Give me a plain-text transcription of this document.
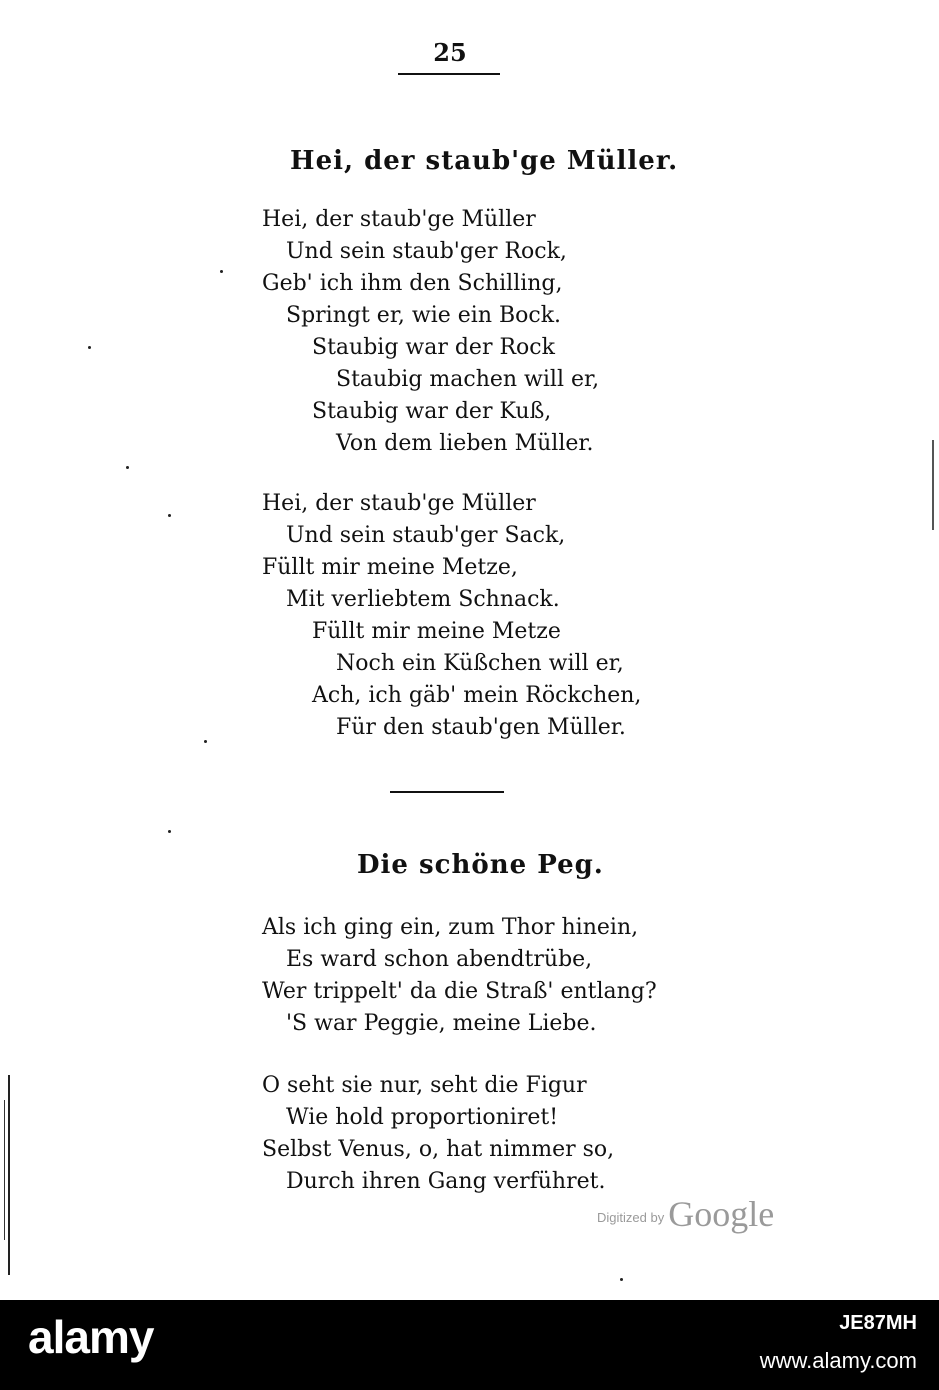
25
Hei, der staub'ge Müller.
Hei, der staub'ge Müller
Und sein staub'ger Rock,
Geb' ich ihm den Schilling,
Springt er, wie ein Bock.
Staubig war der Rock
Staubig machen will er,
Staubig war der Kuß,
Von dem lieben Müller.
Hei, der staub'ge Müller
Und sein staub'ger Sack,
Füllt mir meine Metze,
Mit verliebtem Schnack.
Füllt mir meine Metze
Noch ein Küßchen will er,
Ach, ich gäb' mein Röckchen,
Für den staub'gen Müller.
Die schöne Peg.
Als ich ging ein, zum Thor hinein,
Es ward schon abendtrübe,
Wer trippelt' da die Straß' entlang?
'S war Peggie, meine Liebe.
O seht sie nur, seht die Figur
Wie hold proportioniret!
Selbst Venus, o, hat nimmer so,
Durch ihren Gang verführet.
$^{Digitized by}$ Google
alamy	JE87MH
www.alamy.com
